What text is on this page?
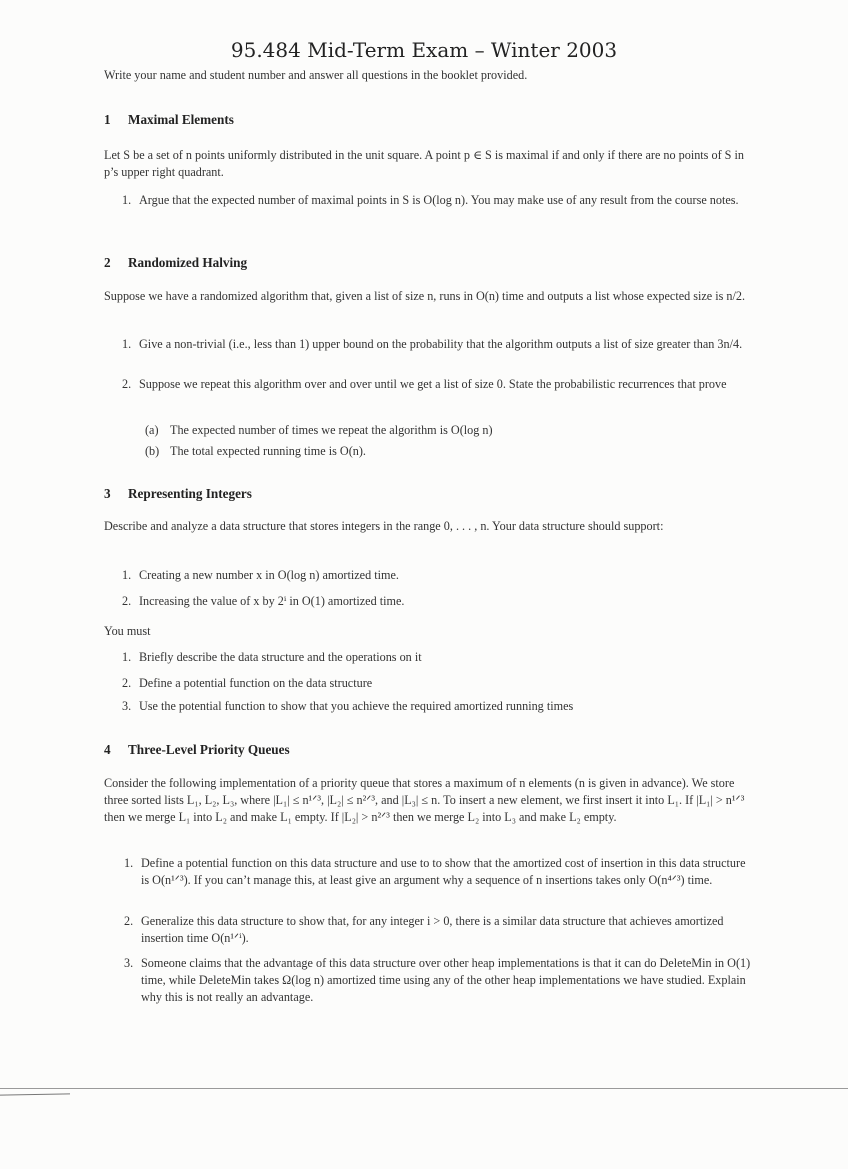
95.484 Mid-Term Exam – Winter 2003
Write your name and student number and answer all questions in the booklet provided.
1 Maximal Elements
Let S be a set of n points uniformly distributed in the unit square. A point p ∈ S is maximal if and only if there are no points of S in p’s upper right quadrant.
1. Argue that the expected number of maximal points in S is O(log n). You may make use of any result from the course notes.
2 Randomized Halving
Suppose we have a randomized algorithm that, given a list of size n, runs in O(n) time and outputs a list whose expected size is n/2.
1. Give a non-trivial (i.e., less than 1) upper bound on the probability that the algorithm outputs a list of size greater than 3n/4.
2. Suppose we repeat this algorithm over and over until we get a list of size 0. State the probabilistic recurrences that prove
(a) The expected number of times we repeat the algorithm is O(log n)
(b) The total expected running time is O(n).
3 Representing Integers
Describe and analyze a data structure that stores integers in the range 0, . . . , n. Your data structure should support:
1. Creating a new number x in O(log n) amortized time.
2. Increasing the value of x by 2ⁱ in O(1) amortized time.
You must
1. Briefly describe the data structure and the operations on it
2. Define a potential function on the data structure
3. Use the potential function to show that you achieve the required amortized running times
4 Three-Level Priority Queues
Consider the following implementation of a priority queue that stores a maximum of n elements (n is given in advance). We store three sorted lists L₁, L₂, L₃, where |L₁| ≤ n¹ᐟ³, |L₂| ≤ n²ᐟ³, and |L₃| ≤ n. To insert a new element, we first insert it into L₁. If |L₁| > n¹ᐟ³ then we merge L₁ into L₂ and make L₁ empty. If |L₂| > n²ᐟ³ then we merge L₂ into L₃ and make L₂ empty.
1. Define a potential function on this data structure and use to to show that the amortized cost of insertion in this data structure is O(n¹ᐟ³). If you can’t manage this, at least give an argument why a sequence of n insertions takes only O(n⁴ᐟ³) time.
2. Generalize this data structure to show that, for any integer i > 0, there is a similar data structure that achieves amortized insertion time O(n¹ᐟⁱ).
3. Someone claims that the advantage of this data structure over other heap implementations is that it can do DeleteMin in O(1) time, while DeleteMin takes Ω(log n) amortized time using any of the other heap implementations we have studied. Explain why this is not really an advantage.
